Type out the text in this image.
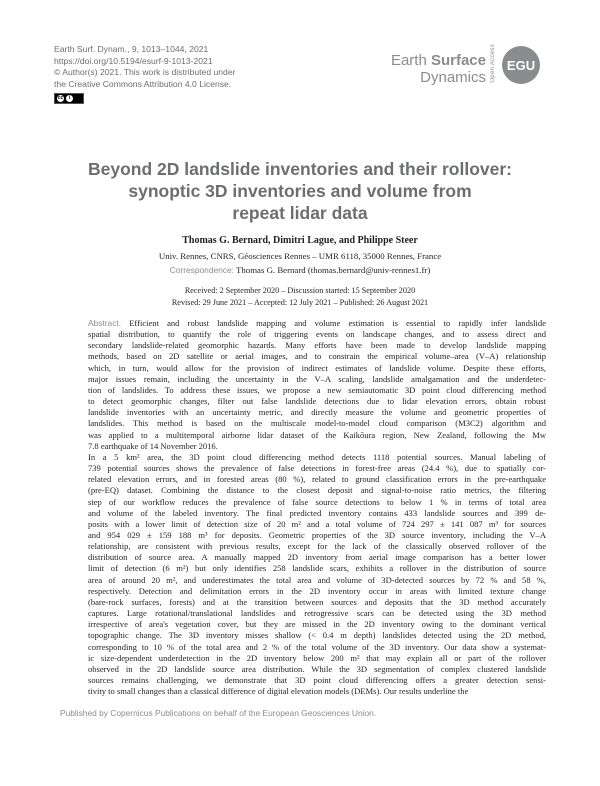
Earth Surf. Dynam., 9, 1013–1044, 2021
https://doi.org/10.5194/esurf-9-1013-2021
© Author(s) 2021. This work is distributed under
the Creative Commons Attribution 4.0 License.
cc	i
Earth Surface
Dynamics Open Access EGU
Beyond 2D landslide inventories and their rollover:
synoptic 3D inventories and volume from
repeat lidar data
Thomas G. Bernard, Dimitri Lague, and Philippe Steer
Univ. Rennes, CNRS, Géosciences Rennes – UMR 6118, 35000 Rennes, France
Correspondence: Thomas G. Bernard (thomas.bernard@univ-rennes1.fr)
Received: 2 September 2020 – Discussion started: 15 September 2020
Revised: 29 June 2021 – Accepted: 12 July 2021 – Published: 26 August 2021
Abstract. Efficient and robust landslide mapping and volume estimation is essential to rapidly infer landslide
spatial distribution, to quantify the role of triggering events on landscape changes, and to assess direct and
secondary landslide-related geomorphic hazards. Many efforts have been made to develop landslide mapping
methods, based on 2D satellite or aerial images, and to constrain the empirical volume–area (V–A) relationship
which, in turn, would allow for the provision of indirect estimates of landslide volume. Despite these efforts,
major issues remain, including the uncertainty in the V–A scaling, landslide amalgamation and the underdetec-
tion of landslides. To address these issues, we propose a new semiautomatic 3D point cloud differencing method
to detect geomorphic changes, filter out false landslide detections due to lidar elevation errors, obtain robust
landslide inventories with an uncertainty metric, and directly measure the volume and geometric properties of
landslides. This method is based on the multiscale model-to-model cloud comparison (M3C2) algorithm and
was applied to a multitemporal airborne lidar dataset of the Kaikōura region, New Zealand, following the Mw
7.8 earthquake of 14 November 2016.
In a 5 km² area, the 3D point cloud differencing method detects 1118 potential sources. Manual labeling of
739 potential sources shows the prevalence of false detections in forest-free areas (24.4 %), due to spatially cor-
related elevation errors, and in forested areas (80 %), related to ground classification errors in the pre-earthquake
(pre-EQ) dataset. Combining the distance to the closest deposit and signal-to-noise ratio metrics, the filtering
step of our workflow reduces the prevalence of false source detections to below 1 % in terms of total area
and volume of the labeled inventory. The final predicted inventory contains 433 landslide sources and 399 de-
posits with a lower limit of detection size of 20 m² and a total volume of 724 297 ± 141 087 m³ for sources
and 954 029 ± 159 188 m³ for deposits. Geometric properties of the 3D source inventory, including the V–A
relationship, are consistent with previous results, except for the lack of the classically observed rollover of the
distribution of source area. A manually mapped 2D inventory from aerial image comparison has a better lower
limit of detection (6 m²) but only identifies 258 landslide scars, exhibits a rollover in the distribution of source
area of around 20 m², and underestimates the total area and volume of 3D-detected sources by 72 % and 58 %,
respectively. Detection and delimitation errors in the 2D inventory occur in areas with limited texture change
(bare-rock surfaces, forests) and at the transition between sources and deposits that the 3D method accurately
captures. Large rotational/translational landslides and retrogressive scars can be detected using the 3D method
irrespective of area's vegetation cover, but they are missed in the 2D inventory owing to the dominant vertical
topographic change. The 3D inventory misses shallow (< 0.4 m depth) landslides detected using the 2D method,
corresponding to 10 % of the total area and 2 % of the total volume of the 3D inventory. Our data show a systemat-
ic size-dependent underdetection in the 2D inventory below 200 m² that may explain all or part of the rollover
observed in the 2D landslide source area distribution. While the 3D segmentation of complex clustered landslide
sources remains challenging, we demonstrate that 3D point cloud differencing offers a greater detection sensi-
tivity to small changes than a classical difference of digital elevation models (DEMs). Our results underline the
Published by Copernicus Publications on behalf of the European Geosciences Union.
